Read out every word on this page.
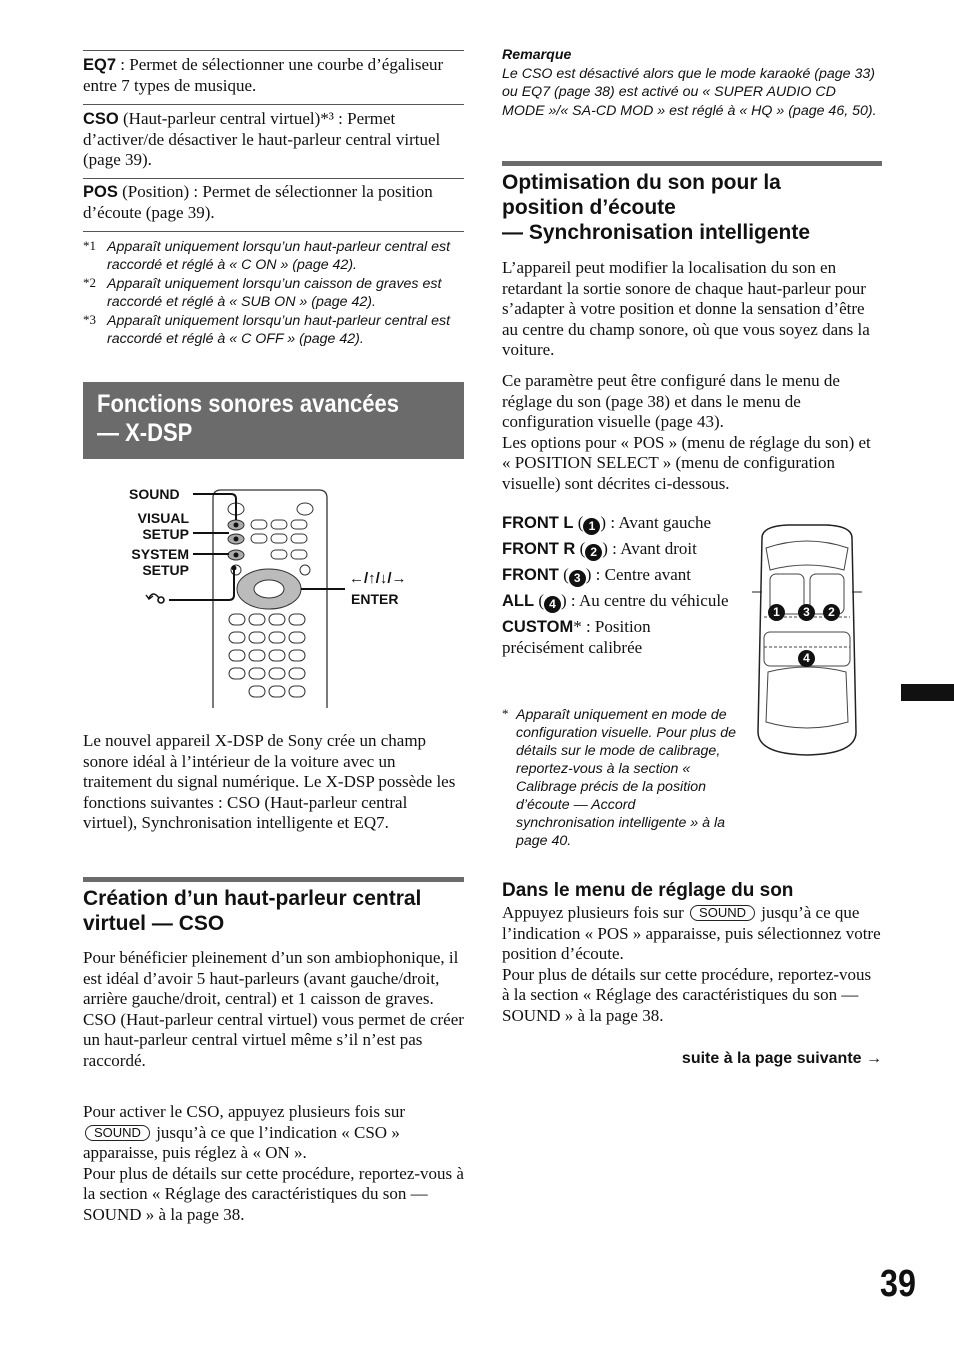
EQ7 : Permet de sélectionner une courbe d’égaliseur entre 7 types de musique.

CSO (Haut-parleur central virtuel)*³ : Permet d’activer/de désactiver le haut-parleur central virtuel (page 39).

POS (Position) : Permet de sélectionner la position d’écoute (page 39).

*1 Apparaît uniquement lorsqu’un haut-parleur central est raccordé et réglé à « C ON » (page 42).
*2 Apparaît uniquement lorsqu’un caisson de graves est raccordé et réglé à « SUB ON » (page 42).
*3 Apparaît uniquement lorsqu’un haut-parleur central est raccordé et réglé à « C OFF » (page 42).
Fonctions sonores avancées
— X-DSP
SOUND
VISUAL
SETUP
SYSTEM
SETUP	←/↑/↓/→
ENTER

Le nouvel appareil X-DSP de Sony crée un champ sonore idéal à l’intérieur de la voiture avec un traitement du signal numérique. Le X-DSP possède les fonctions suivantes : CSO (Haut-parleur central virtuel), Synchronisation intelligente et EQ7.

Création d’un haut-parleur central
virtuel — CSO

Pour bénéficier pleinement d’un son ambiophonique, il est idéal d’avoir 5 haut-parleurs (avant gauche/droit, arrière gauche/droit, central) et 1 caisson de graves. CSO (Haut-parleur central virtuel) vous permet de créer un haut-parleur central virtuel même s’il n’est pas raccordé.

Pour activer le CSO, appuyez plusieurs fois sur SOUND jusqu’à ce que l’indication « CSO » apparaisse, puis réglez à « ON ».

Pour plus de détails sur cette procédure, reportez-vous à la section « Réglage des caractéristiques du son — SOUND » à la page 38.

Remarque
Le CSO est désactivé alors que le mode karaoké (page 33) ou EQ7 (page 38) est activé ou « SUPER AUDIO CD MODE »/« SA-CD MOD » est réglé à « HQ » (page 46, 50).
Optimisation du son pour la
position d’écoute
— Synchronisation intelligente

L’appareil peut modifier la localisation du son en retardant la sortie sonore de chaque haut-parleur pour s’adapter à votre position et donne la sensation d’être au centre du champ sonore, où que vous soyez dans la voiture.

Ce paramètre peut être configuré dans le menu de réglage du son (page 38) et dans le menu de configuration visuelle (page 43).

Les options pour « POS » (menu de réglage du son) et « POSITION SELECT » (menu de configuration visuelle) sont décrites ci-dessous.

FRONT L ( 1 ) : Avant gauche

FRONT R ( 2 ) : Avant droit

FRONT ( 3 ) : Centre avant

ALL ( 4 ) : Au centre du véhicule

CUSTOM* : Position précisément calibrée

* Apparaît uniquement en mode de configuration visuelle. Pour plus de détails sur le mode de calibrage, reportez-vous à la section « Calibrage précis de la position d’écoute — Accord synchronisation intelligente » à la page 40.
1	3	2
4
Dans le menu de réglage du son

Appuyez plusieurs fois sur SOUND jusqu’à ce que l’indication « POS » apparaisse, puis sélectionnez votre position d’écoute.

Pour plus de détails sur cette procédure, reportez-vous à la section « Réglage des caractéristiques du son — SOUND » à la page 38.

suite à la page suivante →
39
